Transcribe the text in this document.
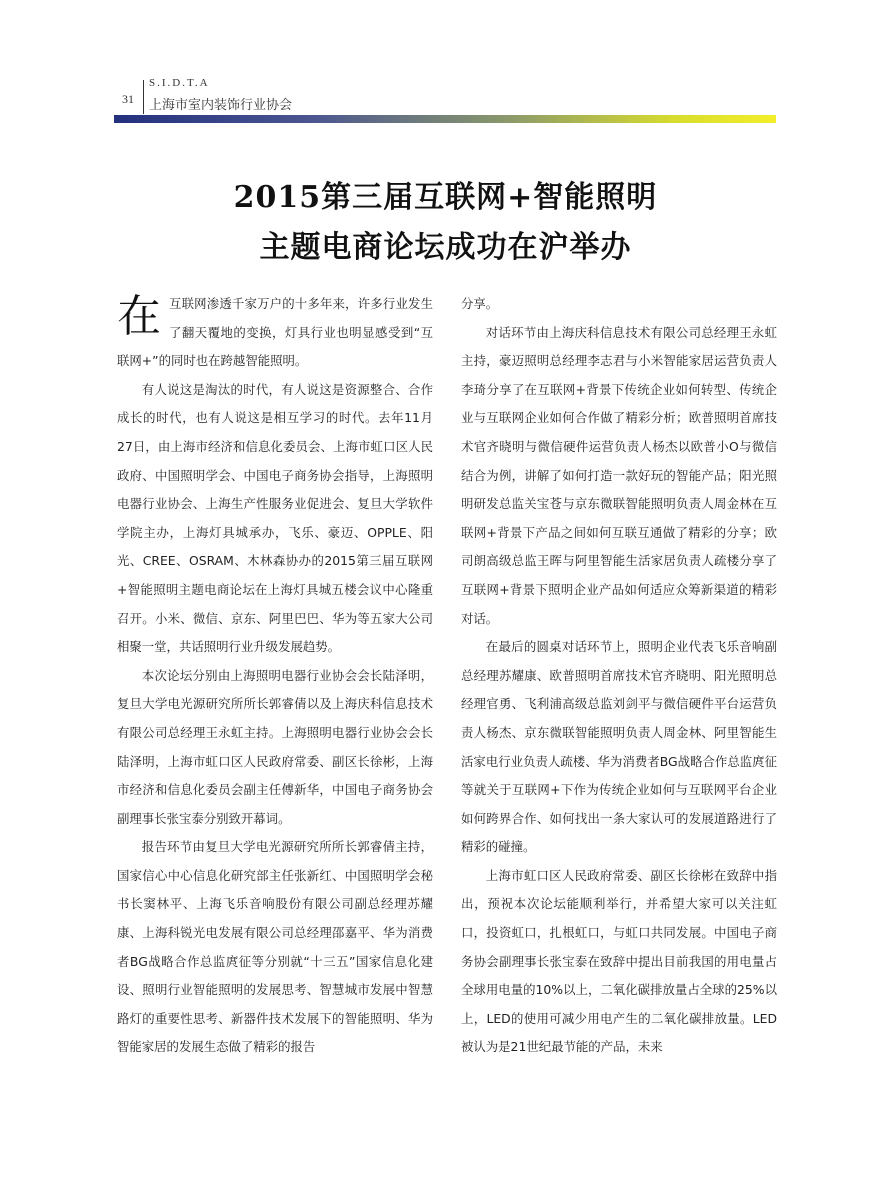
31
S.I.D.T.A
上海市室内装饰行业协会
2015第三届互联网+智能照明
主题电商论坛成功在沪举办

在互联网渗透千家万户的十多年来，许多行业发生了翻天覆地的变换，灯具行业也明显感受到“互联网+”的同时也在跨越智能照明。

有人说这是淘汰的时代，有人说这是资源整合、合作成长的时代，也有人说这是相互学习的时代。去年11月27日，由上海市经济和信息化委员会、上海市虹口区人民政府、中国照明学会、中国电子商务协会指导，上海照明电器行业协会、上海生产性服务业促进会、复旦大学软件学院主办，上海灯具城承办，飞乐、豪迈、OPPLE、阳光、CREE、OSRAM、木林森协办的2015第三届互联网+智能照明主题电商论坛在上海灯具城五楼会议中心隆重召开。小米、微信、京东、阿里巴巴、华为等五家大公司相聚一堂，共话照明行业升级发展趋势。

本次论坛分别由上海照明电器行业协会会长陆泽明，复旦大学电光源研究所所长郭睿倩以及上海庆科信息技术有限公司总经理王永虹主持。上海照明电器行业协会会长陆泽明，上海市虹口区人民政府常委、副区长徐彬，上海市经济和信息化委员会副主任傅新华，中国电子商务协会副理事长张宝泰分别致开幕词。

报告环节由复旦大学电光源研究所所长郭睿倩主持，国家信心中心信息化研究部主任张新红、中国照明学会秘书长窦林平、上海飞乐音响股份有限公司副总经理苏耀康、上海科锐光电发展有限公司总经理邵嘉平、华为消费者BG战略合作总监庹征等分别就“十三五”国家信息化建设、照明行业智能照明的发展思考、智慧城市发展中智慧路灯的重要性思考、新器件技术发展下的智能照明、华为智能家居的发展生态做了精彩的报告

分享。

对话环节由上海庆科信息技术有限公司总经理王永虹主持，豪迈照明总经理李志君与小米智能家居运营负责人李琦分享了在互联网+背景下传统企业如何转型、传统企业与互联网企业如何合作做了精彩分析；欧普照明首席技术官齐晓明与微信硬件运营负责人杨杰以欧普小O与微信结合为例，讲解了如何打造一款好玩的智能产品；阳光照明研发总监关宝苍与京东微联智能照明负责人周金林在互联网+背景下产品之间如何互联互通做了精彩的分享；欧司朗高级总监王晖与阿里智能生活家居负责人疏楼分享了互联网+背景下照明企业产品如何适应众筹新渠道的精彩对话。

在最后的圆桌对话环节上，照明企业代表飞乐音响副总经理苏耀康、欧普照明首席技术官齐晓明、阳光照明总经理官勇、飞利浦高级总监刘剑平与微信硬件平台运营负责人杨杰、京东微联智能照明负责人周金林、阿里智能生活家电行业负责人疏楼、华为消费者BG战略合作总监庹征等就关于互联网+下作为传统企业如何与互联网平台企业如何跨界合作、如何找出一条大家认可的发展道路进行了精彩的碰撞。

上海市虹口区人民政府常委、副区长徐彬在致辞中指出，预祝本次论坛能顺利举行，并希望大家可以关注虹口，投资虹口，扎根虹口，与虹口共同发展。中国电子商务协会副理事长张宝泰在致辞中提出目前我国的用电量占全球用电量的10%以上，二氧化碳排放量占全球的25%以上，LED的使用可减少用电产生的二氧化碳排放量。LED被认为是21世纪最节能的产品，未来
